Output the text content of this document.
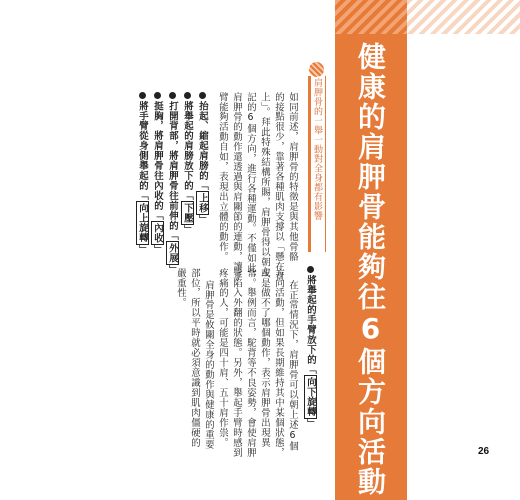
健康的肩胛骨能夠往6個方向活動
肩胛骨的一舉一動對全身都有影響
如同前述，肩胛骨的特徵是與其他骨骼
的接點很少，靠著各種肌肉支撐以「懸在背
上」。拜此特殊結構所賜，肩胛骨得以朝左
記的6個方向，進行各種運動。不僅如此，
肩胛骨的動作還透過與肩關節的連動，讓手
臂能夠活動自如，表現出立體的動作。
抬起、縮起肩膀的「上移」
將舉起的肩膀放下的「下壓」
打開背部，將肩胛骨往前伸的「外展」
挺胸，將肩胛骨往內收的「內收」
將手臂從身側舉起的「向上旋轉」
將舉起的手臂放下的「向下旋轉」
在正常情況下，肩胛骨可以朝上述6個
方向活動，但如果長期維持其中某個狀態，
或是做不了哪個動作，表示肩胛骨出現異
常。舉例而言，駝背等不良姿勢，會使肩胛
骨陷入外翻的狀態。另外，舉起手臂時感到
疼痛的人，可能是四十肩、五十肩作祟。
肩胛骨是攸關全身的動作與健康的重要
部位，所以平時就必須意識到肌肉僵硬的
嚴重性。
26
